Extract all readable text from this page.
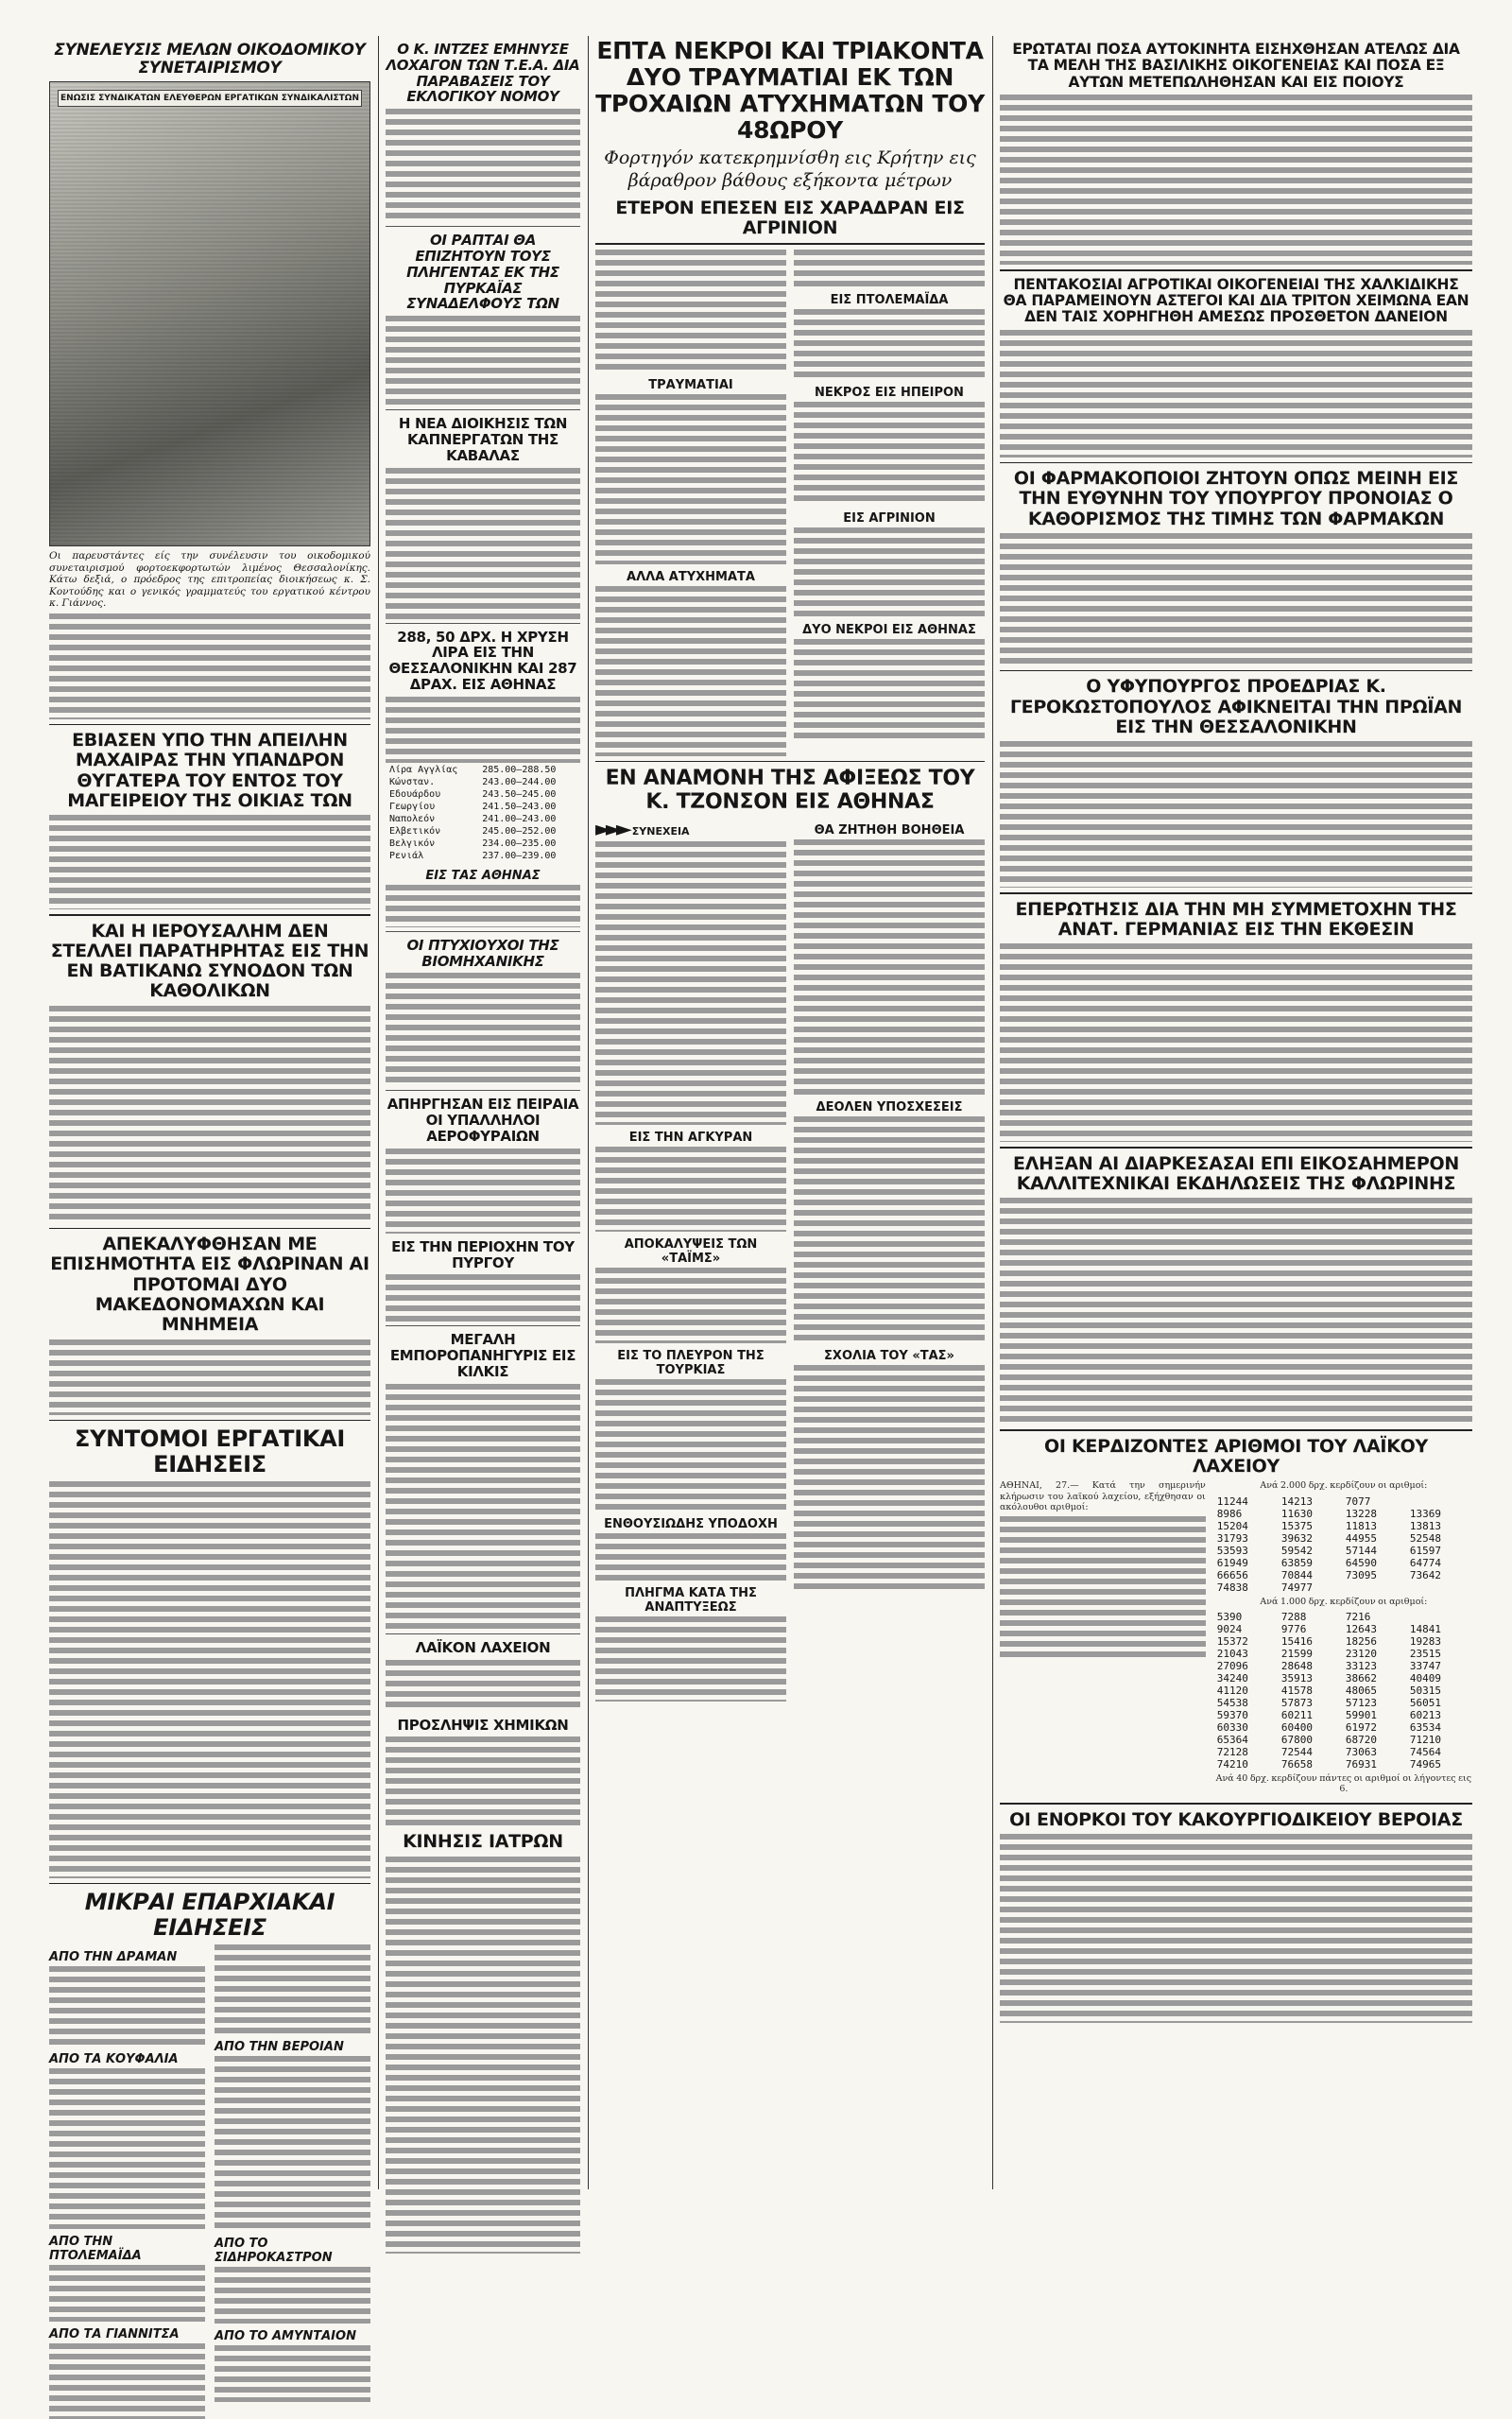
ΣΥΝΕΛΕΥΣΙΣ ΜΕΛΩΝ ΟΙΚΟΔΟΜΙΚΟΥ ΣΥΝΕΤΑΙΡΙΣΜΟΥ
ΕΝΩΣΙΣ ΣΥΝΔΙΚΑΤΩΝ ΕΛΕΥΘΕΡΩΝ ΕΡΓΑΤΙΚΩΝ ΣΥΝΔΙΚΑΛΙΣΤΩΝ
Οι παρευστάντες είς την συνέλευσιν του οικοδομικού συνεταιρισμού φορτοεκφορτωτών λιμένος Θεσσαλονίκης. Κάτω δεξιά, ο πρόεδρος της επιτροπείας διοικήσεως κ. Σ. Κοντούδης και ο γενικός γραμματεύς του εργατικού κέντρου κ. Γιάννος.
ΕΒΙΑΣΕΝ ΥΠΟ ΤΗΝ ΑΠΕΙΛΗΝ ΜΑΧΑΙΡΑΣ ΤΗΝ ΥΠΑΝΔΡΟΝ ΘΥΓΑΤΕΡΑ ΤΟΥ ΕΝΤΟΣ ΤΟΥ ΜΑΓΕΙΡΕΙΟΥ ΤΗΣ ΟΙΚΙΑΣ ΤΩΝ
ΚΑΙ Η ΙΕΡΟΥΣΑΛΗΜ ΔΕΝ ΣΤΕΛΛΕΙ ΠΑΡΑΤΗΡΗΤΑΣ ΕΙΣ ΤΗΝ ΕΝ ΒΑΤΙΚΑΝΩ ΣΥΝΟΔΟΝ ΤΩΝ ΚΑΘΟΛΙΚΩΝ
ΑΠΕΚΑΛΥΦΘΗΣΑΝ ΜΕ ΕΠΙΣΗΜΟΤΗΤΑ ΕΙΣ ΦΛΩΡΙΝΑΝ ΑΙ ΠΡΟΤΟΜΑΙ ΔΥΟ ΜΑΚΕΔΟΝΟΜΑΧΩΝ ΚΑΙ ΜΝΗΜΕΙΑ
ΣΥΝΤΟΜΟΙ ΕΡΓΑΤΙΚΑΙ ΕΙΔΗΣΕΙΣ
ΜΙΚΡΑΙ ΕΠΑΡΧΙΑΚΑΙ ΕΙΔΗΣΕΙΣ
ΑΠΟ ΤΗΝ ΔΡΑΜΑΝ
ΑΠΟ ΤΑ ΚΟΥΦΑΛΙΑ
ΑΠΟ ΤΗΝ ΠΤΟΛΕΜΑΪΔΑ
ΑΠΟ ΤΑ ΓΙΑΝΝΙΤΣΑ
ΑΠΟ ΤΗΝ ΒΕΡΟΙΑΝ
ΑΠΟ ΤΟ ΣΙΔΗΡΟΚΑΣΤΡΟΝ
ΑΠΟ ΤΟ ΑΜΥΝΤΑΙΟΝ
Ο Κ. ΙΝΤΖΕΣ ΕΜΗΝΥΣΕ ΛΟΧΑΓΟΝ ΤΩΝ Τ.Ε.Α. ΔΙΑ ΠΑΡΑΒΑΣΕΙΣ ΤΟΥ ΕΚΛΟΓΙΚΟΥ ΝΟΜΟΥ
ΟΙ ΡΑΠΤΑΙ ΘΑ ΕΠΙΖΗΤΟΥΝ ΤΟΥΣ ΠΛΗΓΕΝΤΑΣ ΕΚ ΤΗΣ ΠΥΡΚΑΪΑΣ ΣΥΝΑΔΕΛΦΟΥΣ ΤΩΝ
Η ΝΕΑ ΔΙΟΙΚΗΣΙΣ ΤΩΝ ΚΑΠΝΕΡΓΑΤΩΝ ΤΗΣ ΚΑΒΑΛΑΣ
288, 50 ΔΡΧ. Η ΧΡΥΣΗ ΛΙΡΑ ΕΙΣ ΤΗΝ ΘΕΣΣΑΛΟΝΙΚΗΝ ΚΑΙ 287 ΔΡΑΧ. ΕΙΣ ΑΘΗΝΑΣ
Λίρα Αγγλίας	285.00—288.50
Κώνσταν.	243.00—244.00
Εδουάρδου	243.50—245.00
Γεωργίου	241.50—243.00
Ναπολεόν	241.00—243.00
Ελβετικόν	245.00—252.00
Βελγικόν	234.00—235.00
Ρενιάλ	237.00—239.00
ΕΙΣ ΤΑΣ ΑΘΗΝΑΣ
ΟΙ ΠΤΥΧΙΟΥΧΟΙ ΤΗΣ ΒΙΟΜΗΧΑΝΙΚΗΣ
ΑΠΗΡΓΗΣΑΝ ΕΙΣ ΠΕΙΡΑΙΑ ΟΙ ΥΠΑΛΛΗΛΟΙ ΑΕΡΟΦΥΡΑΙΩΝ
ΕΙΣ ΤΗΝ ΠΕΡΙΟΧΗΝ ΤΟΥ ΠΥΡΓΟΥ
ΜΕΓΑΛΗ ΕΜΠΟΡΟΠΑΝΗΓΥΡΙΣ ΕΙΣ ΚΙΛΚΙΣ
ΛΑΪΚΟΝ ΛΑΧΕΙΟΝ
ΠΡΟΣΛΗΨΙΣ ΧΗΜΙΚΩΝ
ΚΙΝΗΣΙΣ ΙΑΤΡΩΝ
ΕΠΤΑ ΝΕΚΡΟΙ ΚΑΙ ΤΡΙΑΚΟΝΤΑ ΔΥΟ ΤΡΑΥΜΑΤΙΑΙ ΕΚ ΤΩΝ ΤΡΟΧΑΙΩΝ ΑΤΥΧΗΜΑΤΩΝ ΤΟΥ 48ΩΡΟΥ
Φορτηγόν κατεκρημνίσθη εις Κρήτην εις βάραθρον βάθους εξήκοντα μέτρων
ΕΤΕΡΟΝ ΕΠΕΣΕΝ ΕΙΣ ΧΑΡΑΔΡΑΝ ΕΙΣ ΑΓΡΙΝΙΟΝ
ΤΡΑΥΜΑΤΙΑΙ
ΑΛΛΑ ΑΤΥΧΗΜΑΤΑ
ΕΙΣ ΠΤΟΛΕΜΑΪΔΑ
ΝΕΚΡΟΣ ΕΙΣ ΗΠΕΙΡΟΝ
ΕΙΣ ΑΓΡΙΝΙΟΝ
ΔΥΟ ΝΕΚΡΟΙ ΕΙΣ ΑΘΗΝΑΣ
ΕΝ ΑΝΑΜΟΝΗ ΤΗΣ ΑΦΙΞΕΩΣ ΤΟΥ Κ. ΤΖΟΝΣΟΝ ΕΙΣ ΑΘΗΝΑΣ
►►► ΣΥΝΕΧΕΙΑ
ΕΙΣ ΤΗΝ ΑΓΚΥΡΑΝ
ΑΠΟΚΑΛΥΨΕΙΣ ΤΩΝ «ΤΑΪΜΣ»
ΕΙΣ ΤΟ ΠΛΕΥΡΟΝ ΤΗΣ ΤΟΥΡΚΙΑΣ
ΕΝΘΟΥΣΙΩΔΗΣ ΥΠΟΔΟΧΗ
ΠΛΗΓΜΑ ΚΑΤΑ ΤΗΣ ΑΝΑΠΤΥΞΕΩΣ
ΘΑ ΖΗΤΗΘΗ ΒΟΗΘΕΙΑ
ΔΕΟΛΕΝ ΥΠΟΣΧΕΣΕΙΣ
ΣΧΟΛΙΑ ΤΟΥ «ΤΑΣ»
ΕΡΩΤΑΤΑΙ ΠΟΣΑ ΑΥΤΟΚΙΝΗΤΑ ΕΙΣΗΧΘΗΣΑΝ ΑΤΕΛΩΣ ΔΙΑ ΤΑ ΜΕΛΗ ΤΗΣ ΒΑΣΙΛΙΚΗΣ ΟΙΚΟΓΕΝΕΙΑΣ ΚΑΙ ΠΟΣΑ ΕΞ ΑΥΤΩΝ ΜΕΤΕΠΩΛΗΘΗΣΑΝ ΚΑΙ ΕΙΣ ΠΟΙΟΥΣ
ΠΕΝΤΑΚΟΣΙΑΙ ΑΓΡΟΤΙΚΑΙ ΟΙΚΟΓΕΝΕΙΑΙ ΤΗΣ ΧΑΛΚΙΔΙΚΗΣ ΘΑ ΠΑΡΑΜΕΙΝΟΥΝ ΑΣΤΕΓΟΙ ΚΑΙ ΔΙΑ ΤΡΙΤΟΝ ΧΕΙΜΩΝΑ ΕΑΝ ΔΕΝ ΤΑΙΣ ΧΟΡΗΓΗΘΗ ΑΜΕΣΩΣ ΠΡΟΣΘΕΤΟΝ ΔΑΝΕΙΟΝ
ΟΙ ΦΑΡΜΑΚΟΠΟΙΟΙ ΖΗΤΟΥΝ ΟΠΩΣ ΜΕΙΝΗ ΕΙΣ ΤΗΝ ΕΥΘΥΝΗΝ ΤΟΥ ΥΠΟΥΡΓΟΥ ΠΡΟΝΟΙΑΣ Ο ΚΑΘΟΡΙΣΜΟΣ ΤΗΣ ΤΙΜΗΣ ΤΩΝ ΦΑΡΜΑΚΩΝ
Ο ΥΦΥΠΟΥΡΓΟΣ ΠΡΟΕΔΡΙΑΣ Κ. ΓΕΡΟΚΩΣΤΟΠΟΥΛΟΣ ΑΦΙΚΝΕΙΤΑΙ ΤΗΝ ΠΡΩΪΑΝ ΕΙΣ ΤΗΝ ΘΕΣΣΑΛΟΝΙΚΗΝ
ΕΠΕΡΩΤΗΣΙΣ ΔΙΑ ΤΗΝ ΜΗ ΣΥΜΜΕΤΟΧΗΝ ΤΗΣ ΑΝΑΤ. ΓΕΡΜΑΝΙΑΣ ΕΙΣ ΤΗΝ ΕΚΘΕΣΙΝ
ΕΛΗΞΑΝ ΑΙ ΔΙΑΡΚΕΣΑΣΑΙ ΕΠΙ ΕΙΚΟΣΑΗΜΕΡΟΝ ΚΑΛΛΙΤΕΧΝΙΚΑΙ ΕΚΔΗΛΩΣΕΙΣ ΤΗΣ ΦΛΩΡΙΝΗΣ
ΟΙ ΚΕΡΔΙΖΟΝΤΕΣ ΑΡΙΘΜΟΙ ΤΟΥ ΛΑΪΚΟΥ ΛΑΧΕΙΟΥ
ΑΘΗΝΑΙ, 27.— Κατά την σημερινήν κλήρωσιν του λαϊκού λαχείου, εξήχθησαν οι ακόλουθοι αριθμοί:
Ανά 2.000 δρχ. κερδίζουν οι αριθμοί:
11244	14213	7077	
8986	11630	13228	13369
15204	15375	11813	13813
31793	39632	44955	52548
53593	59542	57144	61597
61949	63859	64590	64774
66656	70844	73095	73642
74838	74977		
Ανά 1.000 δρχ. κερδίζουν οι αριθμοί:
5390	7288	7216	
9024	9776	12643	14841
15372	15416	18256	19283
21043	21599	23120	23515
27096	28648	33123	33747
34240	35913	38662	40409
41120	41578	48065	50315
54538	57873	57123	56051
59370	60211	59901	60213
60330	60400	61972	63534
65364	67800	68720	71210
72128	72544	73063	74564
74210	76658	76931	74965
Ανά 40 δρχ. κερδίζουν πάντες οι αριθμοί οι λήγοντες εις 6.
ΟΙ ΕΝΟΡΚΟΙ ΤΟΥ ΚΑΚΟΥΡΓΙΟΔΙΚΕΙΟΥ ΒΕΡΟΙΑΣ
